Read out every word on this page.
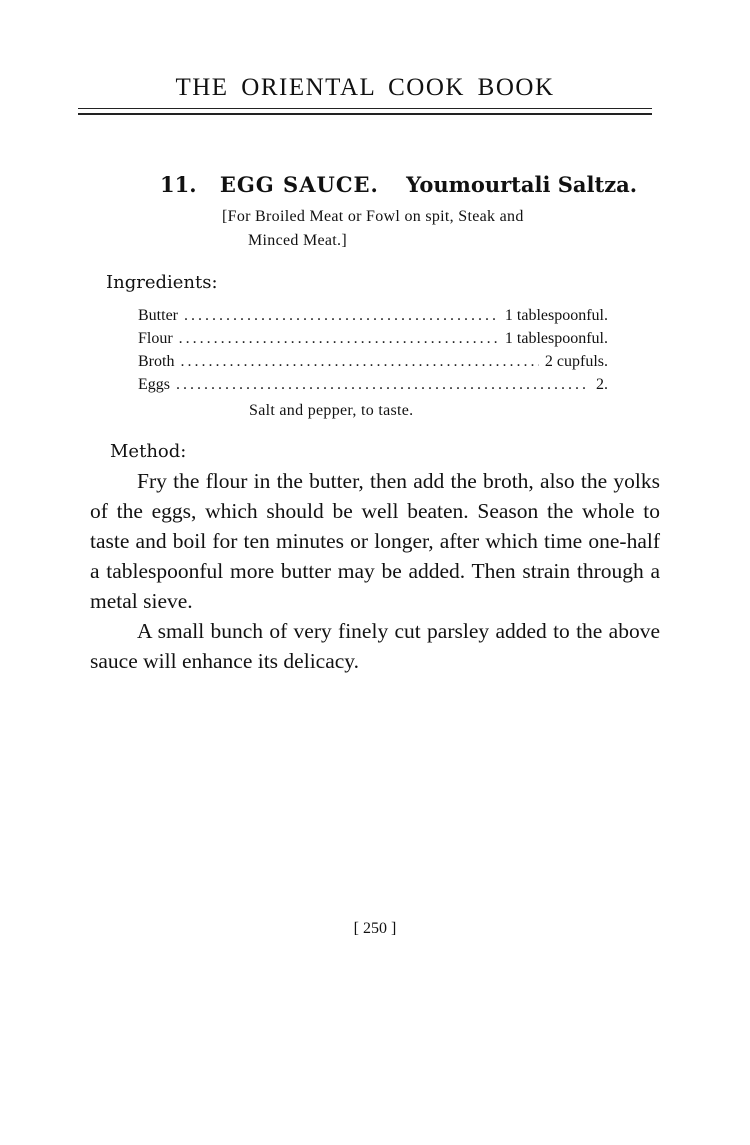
THE ORIENTAL COOK BOOK
11. EGG SAUCE. Youmourtali Saltza.
[For Broiled Meat or Fowl on spit, Steak and
Minced Meat.]
Ingredients:
Butter .....	1 tablespoonful.
Flour .....	1 tablespoonful.
Broth .....	2 cupfuls.
Eggs .....	2.
Salt and pepper, to taste.
Method:

Fry the flour in the butter, then add the broth, also the yolks of the eggs, which should be well beaten. Season the whole to taste and boil for ten minutes or longer, after which time one-half a tablespoonful more butter may be added. Then strain through a metal sieve.

A small bunch of very finely cut parsley added to the above sauce will enhance its delicacy.

[ 250 ]
